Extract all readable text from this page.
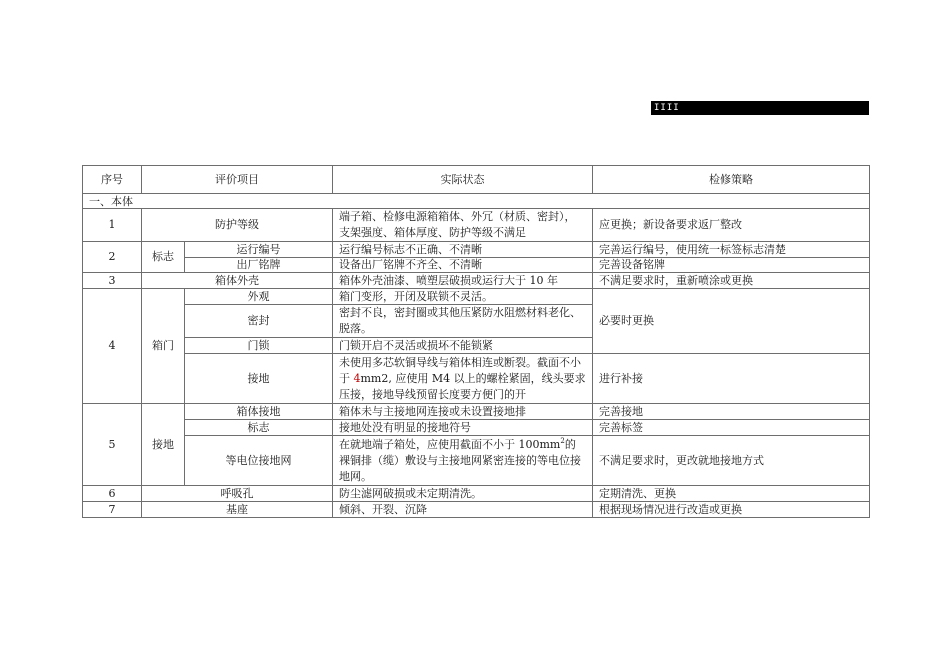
IIII
序号	评价项目		实际状态	检修策略
一、本体				
1	防护等级		端子箱、检修电源箱箱体、外冗（材质、密封），支架强度、箱体厚度、防护等级不满足	应更换；新设备要求返厂整改
2	标志	运行编号	运行编号标志不正确、不清晰	完善运行编号，使用统一标签标志清楚
		出厂铭牌	设备出厂铭牌不齐全、不清晰	完善设备铭牌
3	箱体外壳		箱体外壳油漆、喷塑层破损或运行大于 10 年	不满足要求时，重新喷涂或更换
4	箱门	外观	箱门变形，开闭及联锁不灵活。	必要时更换
		密封	密封不良，密封圈或其他压紧防水阻燃材料老化、脱落。	
		门锁	门锁开启不灵活或损坏不能锁紧	
		接地	未使用多芯软铜导线与箱体相连或断裂。截面不小于 4mm2, 应使用 M4 以上的螺栓紧固，线头要求压接，接地导线预留长度要方便门的开	进行补接
5	接地	箱体接地	箱体未与主接地网连接或未设置接地排	完善接地
		标志	接地处没有明显的接地符号	完善标签
		等电位接地网	在就地端子箱处，应使用截面不小于 $100mm^2$的裸铜排（缆）敷设与主接地网紧密连接的等电位接地网。	不满足要求时，更改就地接地方式
6	呼吸孔		防尘滤网破损或未定期清洗。	定期清洗、更换
7	基座		倾斜、开裂、沉降	根据现场情况进行改造或更换
